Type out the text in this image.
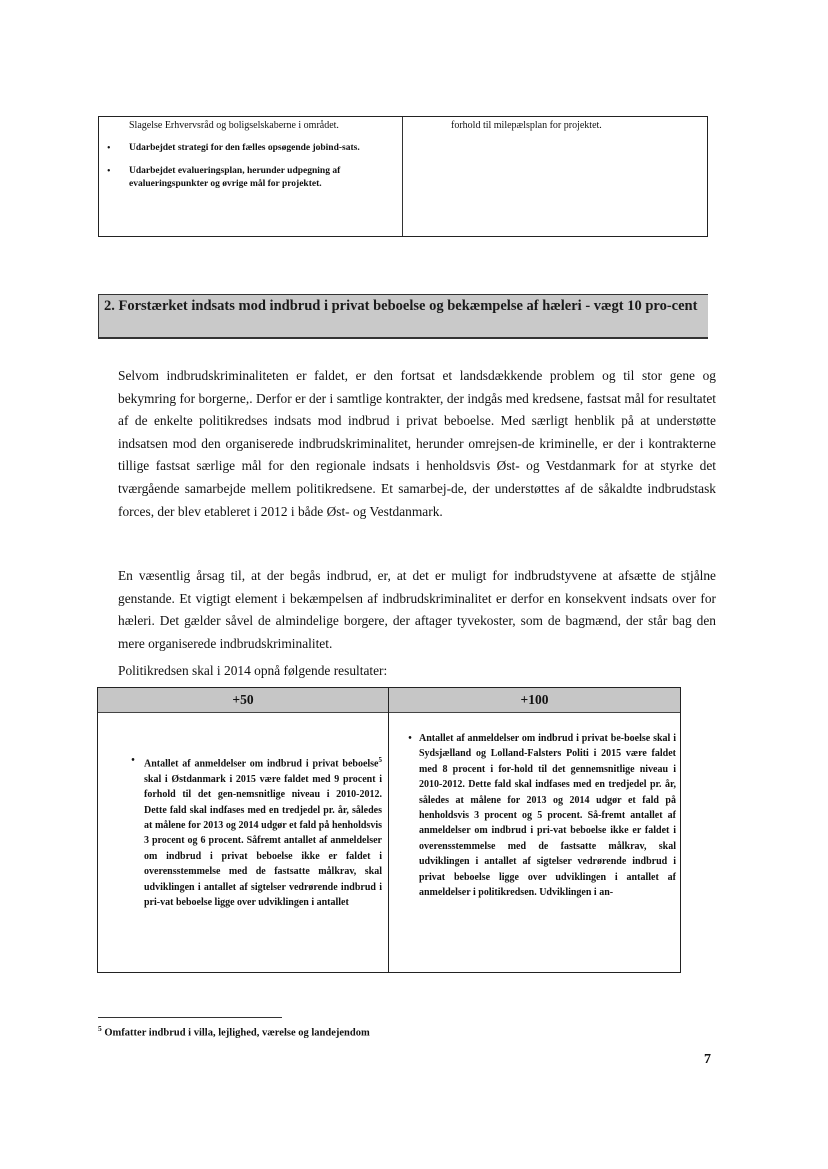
Slagelse Erhvervsråd og boligselskaberne i området.
•	Udarbejdet strategi for den fælles opsøgende jobind-sats.
•	Udarbejdet evalueringsplan, herunder udpegning af evalueringspunkter og øvrige mål for projektet.
forhold til milepælsplan for projektet.
2. Forstærket indsats mod indbrud i privat beboelse og bekæmpelse af hæleri - vægt 10 pro-cent
Selvom indbrudskriminaliteten er faldet, er den fortsat et landsdækkende problem og til stor gene og bekymring for borgerne,. Derfor er der i samtlige kontrakter, der indgås med kredsene, fastsat mål for resultatet af de enkelte politikredses indsats mod indbrud i privat beboelse. Med særligt henblik på at understøtte indsatsen mod den organiserede indbrudskriminalitet, herunder omrejsen-de kriminelle, er der i kontrakterne tillige fastsat særlige mål for den regionale indsats i henholdsvis Øst- og Vestdanmark for at styrke det tværgående samarbejde mellem politikredsene. Et samarbej-de, der understøttes af de såkaldte indbrudstask forces, der blev etableret i 2012 i både Øst- og Vestdanmark.
En væsentlig årsag til, at der begås indbrud, er, at det er muligt for indbrudstyvene at afsætte de stjålne genstande. Et vigtigt element i bekæmpelsen af indbrudskriminalitet er derfor en konsekvent indsats over for hæleri. Det gælder såvel de almindelige borgere, der aftager tyvekoster, som de bagmænd, der står bag den mere organiserede indbrudskriminalitet.
Politikredsen skal i 2014 opnå følgende resultater:
+50
• Antallet af anmeldelser om indbrud i privat beboelse$^5$ skal i Østdanmark i 2015 være faldet med 9 procent i forhold til det gen-nemsnitlige niveau i 2010-2012. Dette fald skal indfases med en tredjedel pr. år, således at målene for 2013 og 2014 udgør et fald på henholdsvis 3 procent og 6 procent. Såfremt antallet af anmeldelser om indbrud i privat beboelse ikke er faldet i overensstemmelse med de fastsatte målkrav, skal udviklingen i antallet af sigtelser vedrørende indbrud i pri-vat beboelse ligge over udviklingen i antallet
+100
• Antallet af anmeldelser om indbrud i privat be-boelse skal i Sydsjælland og Lolland-Falsters Politi i 2015 være faldet med 8 procent i for-hold til det gennemsnitlige niveau i 2010-2012. Dette fald skal indfases med en tredjedel pr. år, således at målene for 2013 og 2014 udgør et fald på henholdsvis 3 procent og 5 procent. Så-fremt antallet af anmeldelser om indbrud i pri-vat beboelse ikke er faldet i overensstemmelse med de fastsatte målkrav, skal udviklingen i antallet af sigtelser vedrørende indbrud i privat beboelse ligge over udviklingen i antallet af anmeldelser i politikredsen. Udviklingen i an-
$^5$ Omfatter indbrud i villa, lejlighed, værelse og landejendom
7
